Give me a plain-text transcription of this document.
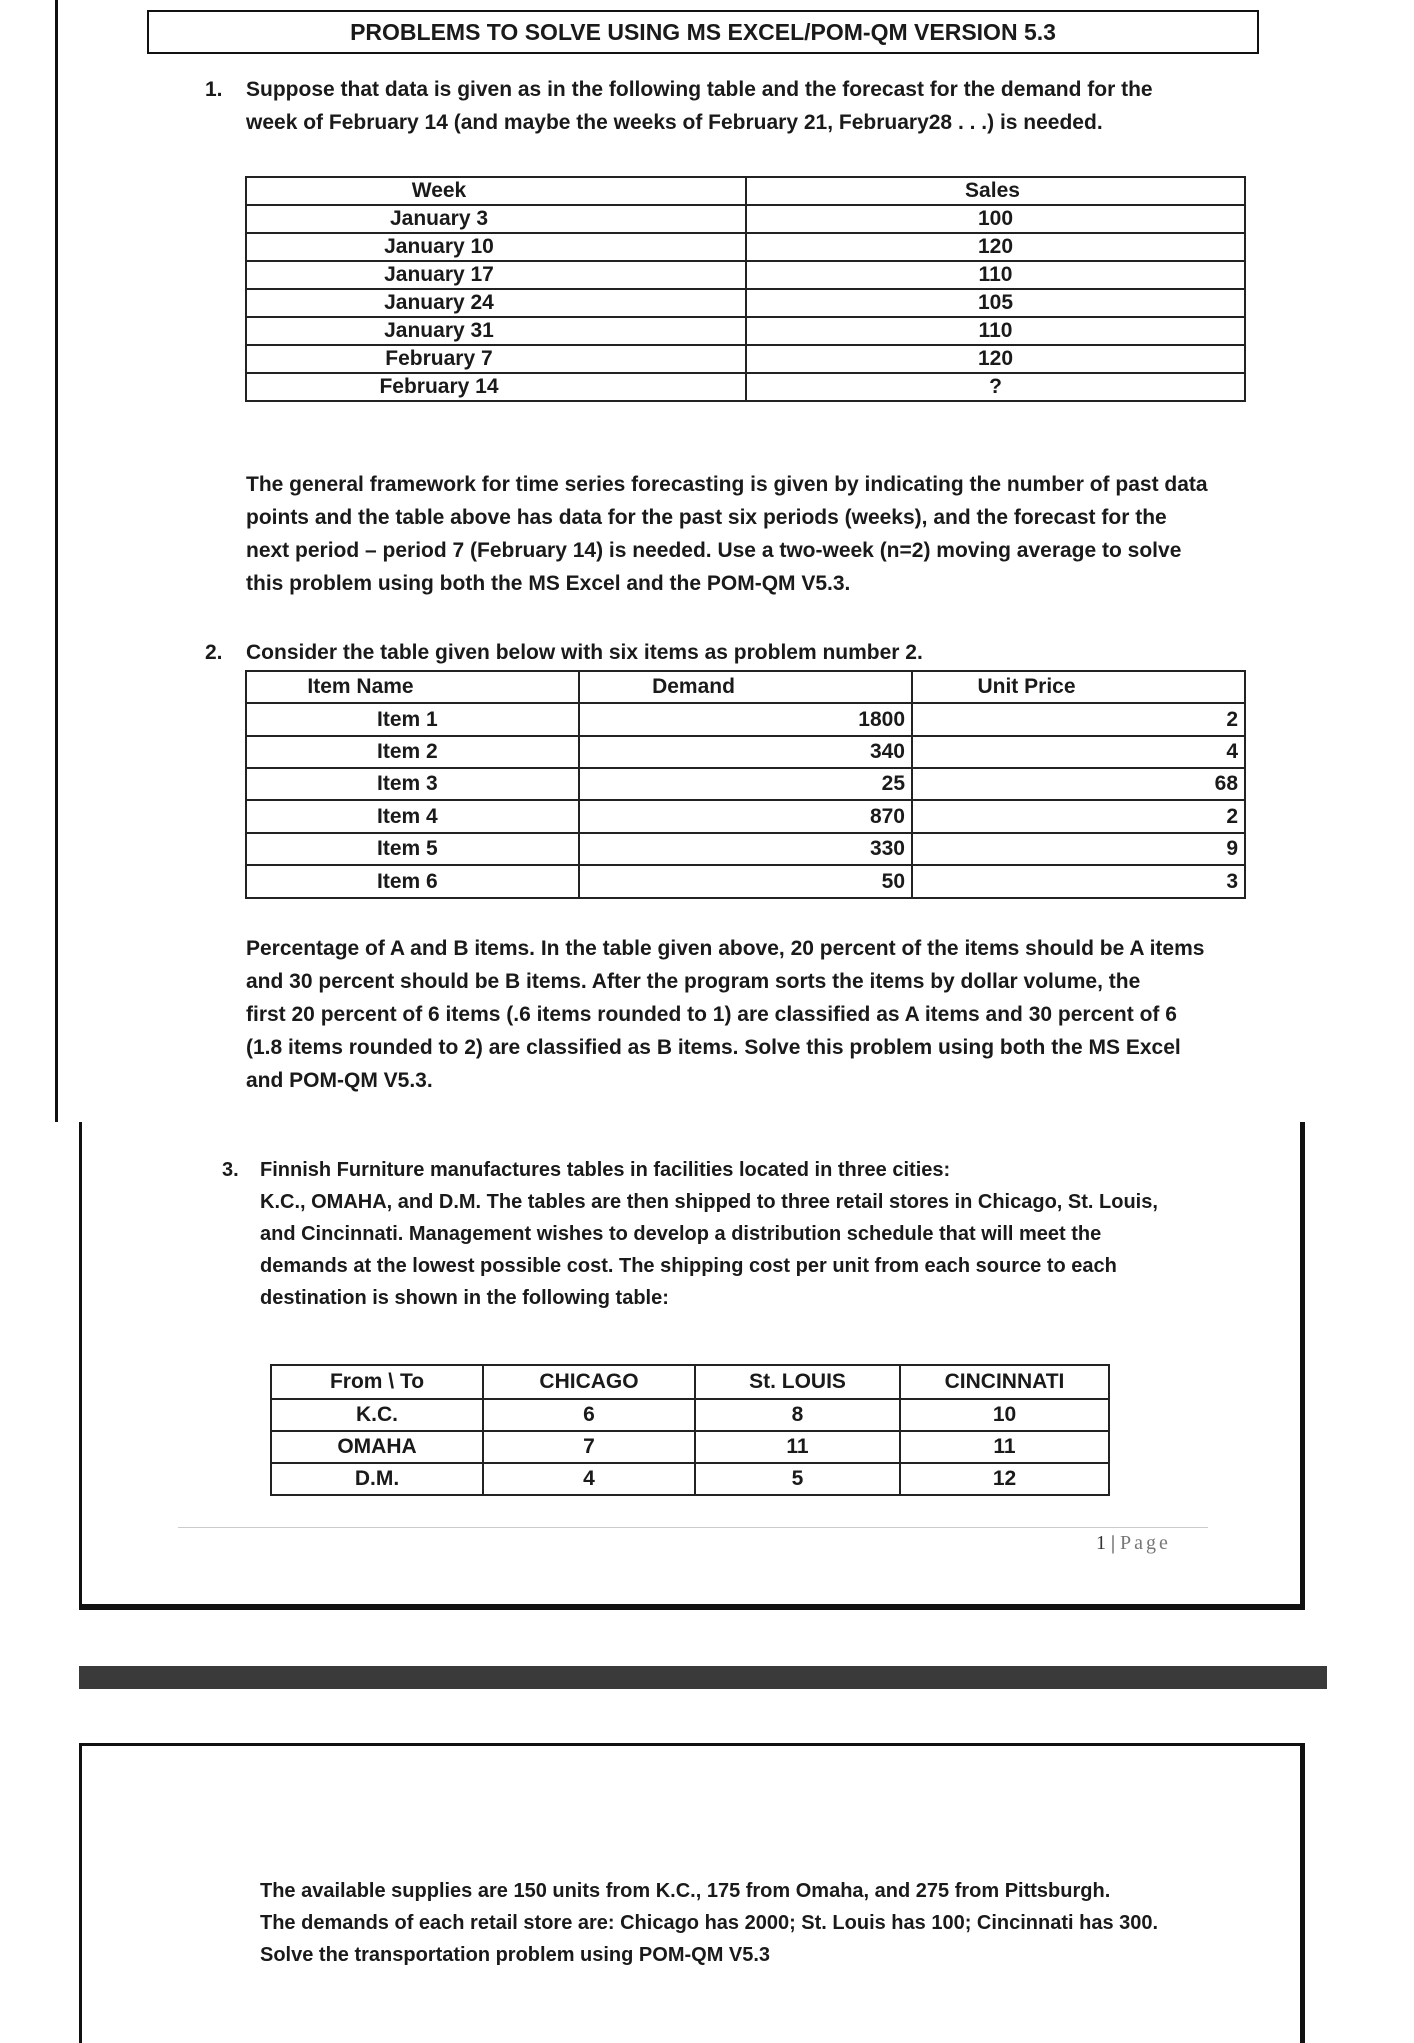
PROBLEMS TO SOLVE USING MS EXCEL/POM-QM VERSION 5.3
1. Suppose that data is given as in the following table and the forecast for the demand for the

week of February 14 (and maybe the weeks of February 21, February28 . . .) is needed.

Week	Sales
January 3	100
January 10	120
January 17	110
January 24	105
January 31	110
February 7	120
February 14	?

The general framework for time series forecasting is given by indicating the number of past data

points and the table above has data for the past six periods (weeks), and the forecast for the

next period – period 7 (February 14) is needed. Use a two-week (n=2) moving average to solve

this problem using both the MS Excel and the POM-QM V5.3.

2. Consider the table given below with six items as problem number 2.
Item Name	Demand	Unit Price
Item 1	1800	2
Item 2	340	4
Item 3	25	68
Item 4	870	2
Item 5	330	9
Item 6	50	3

Percentage of A and B items. In the table given above, 20 percent of the items should be A items

and 30 percent should be B items. After the program sorts the items by dollar volume, the

first 20 percent of 6 items (.6 items rounded to 1) are classified as A items and 30 percent of 6

(1.8 items rounded to 2) are classified as B items. Solve this problem using both the MS Excel

and POM-QM V5.3.

3. Finnish Furniture manufactures tables in facilities located in three cities:

K.C., OMAHA, and D.M. The tables are then shipped to three retail stores in Chicago, St. Louis,

and Cincinnati. Management wishes to develop a distribution schedule that will meet the

demands at the lowest possible cost. The shipping cost per unit from each source to each

destination is shown in the following table:

From \ To	CHICAGO	St. LOUIS	CINCINNATI
K.C.	6	8	10
OMAHA	7	11	11
D.M.	4	5	12
1 | Page

The available supplies are 150 units from K.C., 175 from Omaha, and 275 from Pittsburgh.

The demands of each retail store are: Chicago has 2000; St. Louis has 100; Cincinnati has 300.

Solve the transportation problem using POM-QM V5.3
